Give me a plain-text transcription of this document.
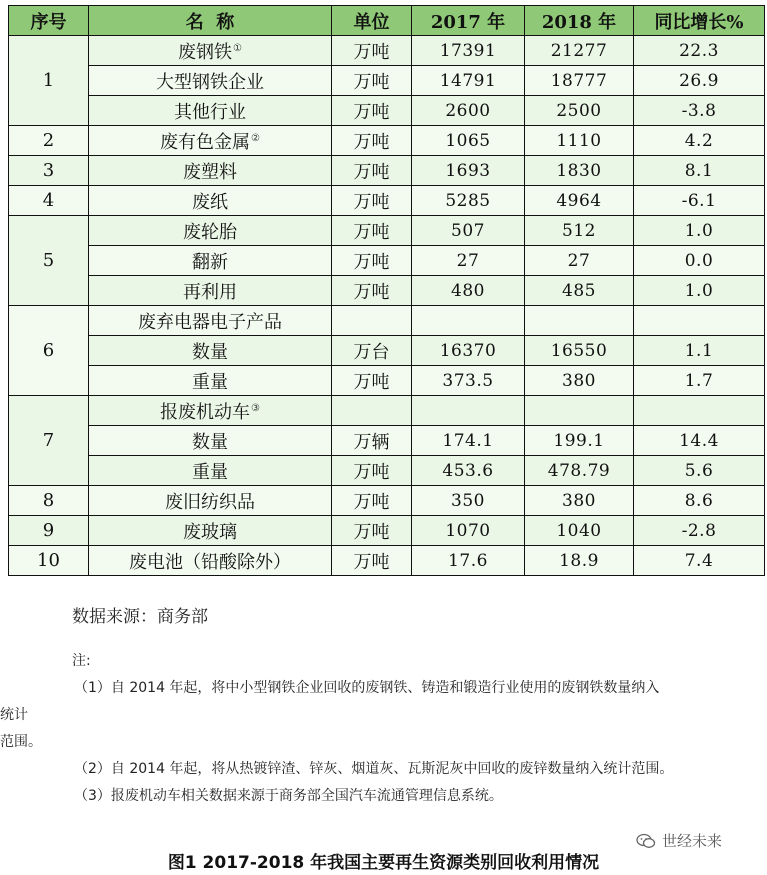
序号	名  称	单位	2017 年	2018 年	同比增长%
1	废钢铁①	万吨	17391	21277	22.3
	大型钢铁企业	万吨	14791	18777	26.9
	其他行业	万吨	2600	2500	-3.8
2	废有色金属②	万吨	1065	1110	4.2
3	废塑料	万吨	1693	1830	8.1
4	废纸	万吨	5285	4964	-6.1
5	废轮胎	万吨	507	512	1.0
	翻新	万吨	27	27	0.0
	再利用	万吨	480	485	1.0
6	废弃电器电子产品				
	数量	万台	16370	16550	1.1
	重量	万吨	373.5	380	1.7
7	报废机动车③				
	数量	万辆	174.1	199.1	14.4
	重量	万吨	453.6	478.79	5.6
8	废旧纺织品	万吨	350	380	8.6
9	废玻璃	万吨	1070	1040	-2.8
10	废电池（铅酸除外）	万吨	17.6	18.9	7.4
数据来源：商务部
注:
（1）自 2014 年起，将中小型钢铁企业回收的废钢铁、铸造和锻造行业使用的废钢铁数量纳入
统计
范围。
（2）自 2014 年起，将从热镀锌渣、锌灰、烟道灰、瓦斯泥灰中回收的废锌数量纳入统计范围。
（3）报废机动车相关数据来源于商务部全国汽车流通管理信息系统。
世经未来
图1 2017-2018 年我国主要再生资源类别回收利用情况
